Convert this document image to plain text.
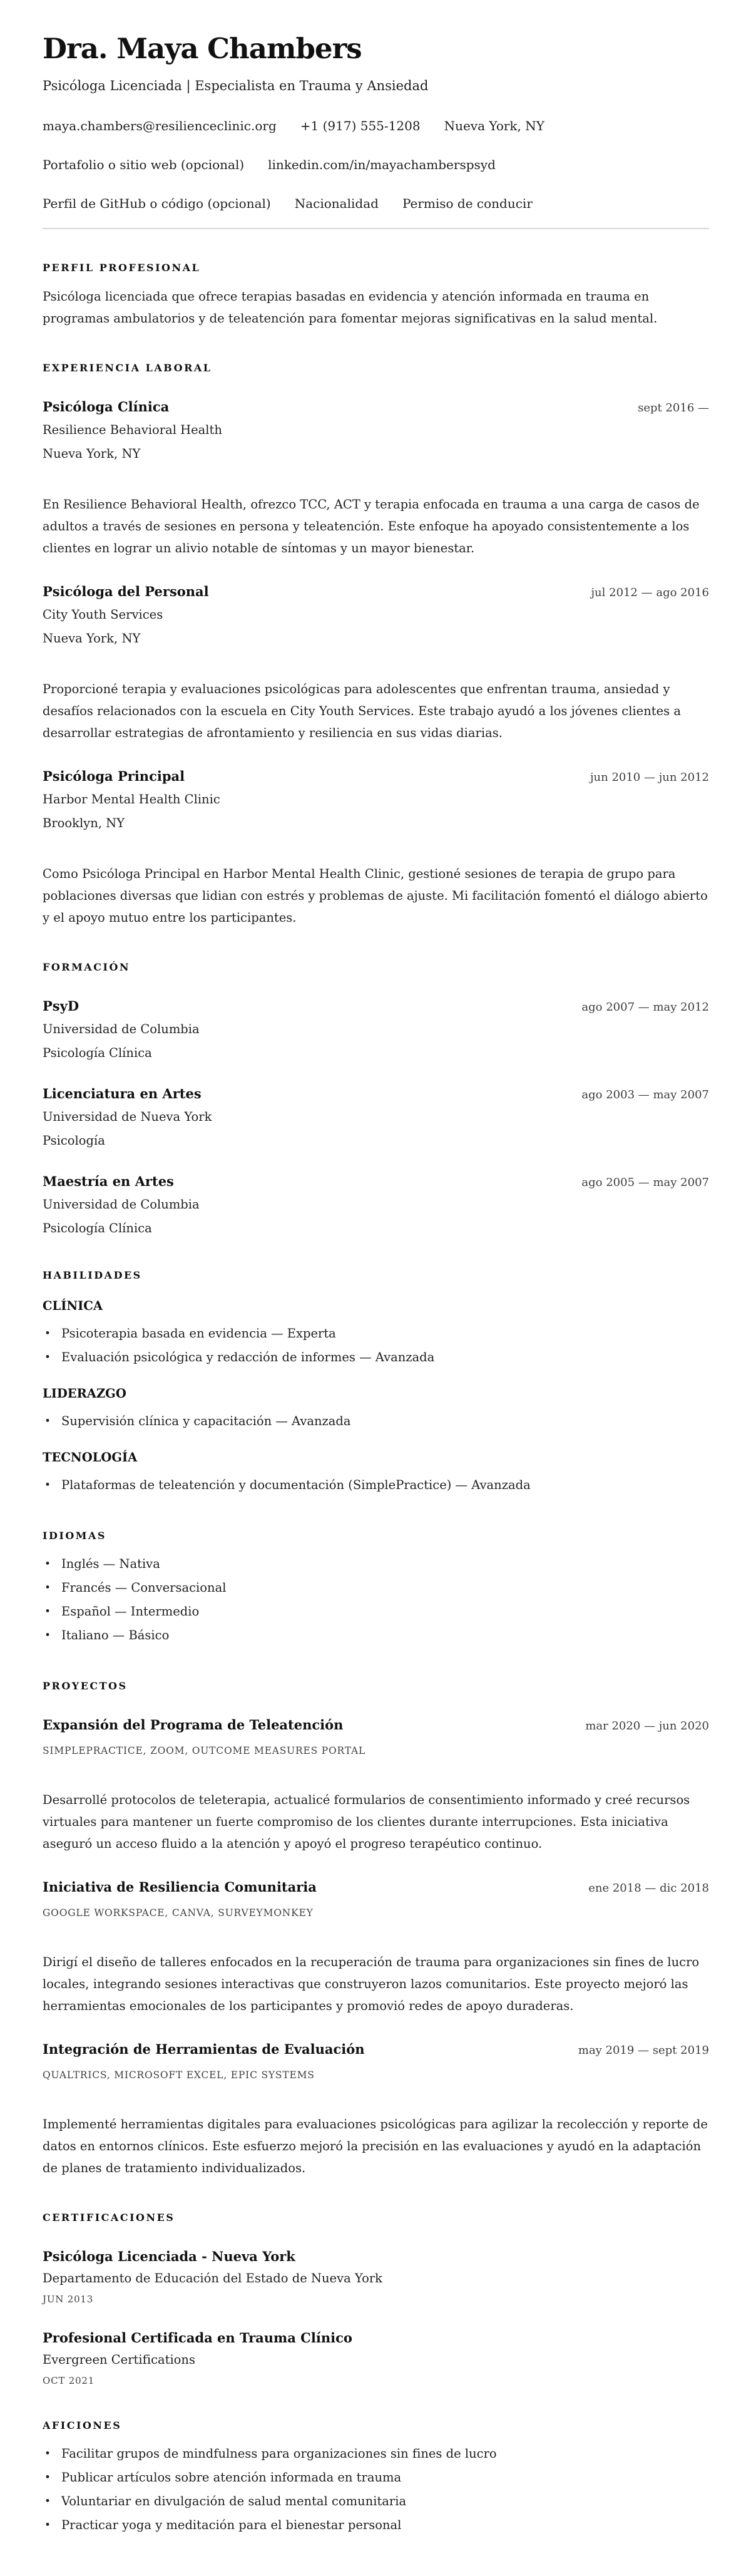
Dra. Maya Chambers

Psicóloga Licenciada | Especialista en Trauma y Ansiedad

maya.chambers@resilienceclinic.org +1 (917) 555-1208 Nueva York, NY
Portafolio o sitio web (opcional) linkedin.com/in/mayachamberspsyd
Perfil de GitHub o código (opcional) Nacionalidad Permiso de conducir
PERFIL PROFESIONAL

Psicóloga licenciada que ofrece terapias basadas en evidencia y atención informada en trauma en programas ambulatorios y de teleatención para fomentar mejoras significativas en la salud mental.

EXPERIENCIA LABORAL
Psicóloga Clínica	sept 2016 —

Resilience Behavioral Health

Nueva York, NY

En Resilience Behavioral Health, ofrezco TCC, ACT y terapia enfocada en trauma a una carga de casos de adultos a través de sesiones en persona y teleatención. Este enfoque ha apoyado consistentemente a los clientes en lograr un alivio notable de síntomas y un mayor bienestar.

Psicóloga del Personal	jul 2012 — ago 2016

City Youth Services

Nueva York, NY

Proporcioné terapia y evaluaciones psicológicas para adolescentes que enfrentan trauma, ansiedad y desafíos relacionados con la escuela en City Youth Services. Este trabajo ayudó a los jóvenes clientes a desarrollar estrategias de afrontamiento y resiliencia en sus vidas diarias.

Psicóloga Principal	jun 2010 — jun 2012

Harbor Mental Health Clinic

Brooklyn, NY

Como Psicóloga Principal en Harbor Mental Health Clinic, gestioné sesiones de terapia de grupo para poblaciones diversas que lidian con estrés y problemas de ajuste. Mi facilitación fomentó el diálogo abierto y el apoyo mutuo entre los participantes.

FORMACIÓN
PsyD	ago 2007 — may 2012

Universidad de Columbia

Psicología Clínica

Licenciatura en Artes	ago 2003 — may 2007

Universidad de Nueva York

Psicología

Maestría en Artes	ago 2005 — may 2007

Universidad de Columbia

Psicología Clínica

HABILIDADES
CLÍNICA
• Psicoterapia basada en evidencia — Experta
• Evaluación psicológica y redacción de informes — Avanzada
LIDERAZGO
• Supervisión clínica y capacitación — Avanzada
TECNOLOGÍA
• Plataformas de teleatención y documentación (SimplePractice) — Avanzada
IDIOMAS
• Inglés — Nativa
• Francés — Conversacional
• Español — Intermedio
• Italiano — Básico
PROYECTOS
Expansión del Programa de Teleatención	mar 2020 — jun 2020

SIMPLEPRACTICE, ZOOM, OUTCOME MEASURES PORTAL

Desarrollé protocolos de teleterapia, actualicé formularios de consentimiento informado y creé recursos virtuales para mantener un fuerte compromiso de los clientes durante interrupciones. Esta iniciativa aseguró un acceso fluido a la atención y apoyó el progreso terapéutico continuo.

Iniciativa de Resiliencia Comunitaria	ene 2018 — dic 2018

GOOGLE WORKSPACE, CANVA, SURVEYMONKEY

Dirigí el diseño de talleres enfocados en la recuperación de trauma para organizaciones sin fines de lucro locales, integrando sesiones interactivas que construyeron lazos comunitarios. Este proyecto mejoró las herramientas emocionales de los participantes y promovió redes de apoyo duraderas.

Integración de Herramientas de Evaluación	may 2019 — sept 2019

QUALTRICS, MICROSOFT EXCEL, EPIC SYSTEMS

Implementé herramientas digitales para evaluaciones psicológicas para agilizar la recolección y reporte de datos en entornos clínicos. Este esfuerzo mejoró la precisión en las evaluaciones y ayudó en la adaptación de planes de tratamiento individualizados.

CERTIFICACIONES
Psicóloga Licenciada - Nueva York

Departamento de Educación del Estado de Nueva York

JUN 2013

Profesional Certificada en Trauma Clínico

Evergreen Certifications

OCT 2021

AFICIONES
• Facilitar grupos de mindfulness para organizaciones sin fines de lucro
• Publicar artículos sobre atención informada en trauma
• Voluntariar en divulgación de salud mental comunitaria
• Practicar yoga y meditación para el bienestar personal
